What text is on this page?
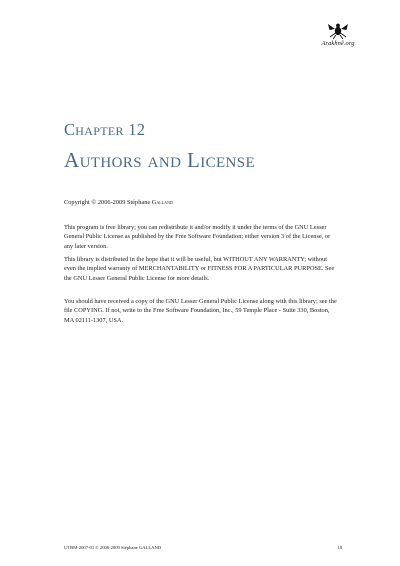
Arakhnê.org
Chapter 12
Authors and License
Copyright © 2006-2009 Stéphane Galland

This program is free library; you can redistribute it and/or modify it under the terms of the GNU Lesser General Public License as published by the Free Software Foundation; either version 3 of the License, or any later version.

This library is distributed in the hope that it will be useful, but WITHOUT ANY WARRANTY; without even the implied warranty of MERCHANTABILITY or FITNESS FOR A PARTICULAR PURPOSE. See the GNU Lesser General Public License for more details.

You should have received a copy of the GNU Lesser General Public License along with this library; see the file COPYING. If not, write to the Free Software Foundation, Inc., 59 Temple Place - Suite 330, Boston, MA 02111-1307, USA.

UTBM-2007-01 © 2006-2009 Stéphane GALLAND	18
